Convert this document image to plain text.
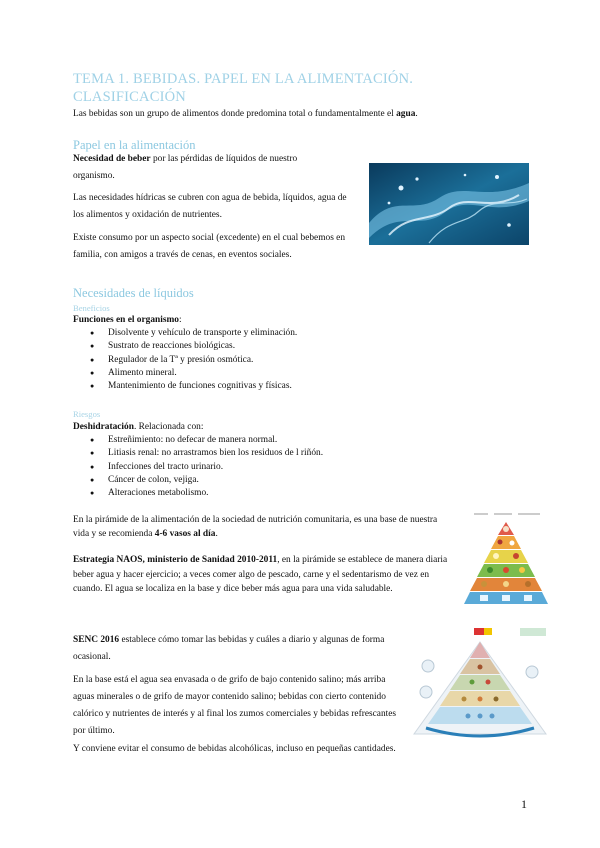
TEMA 1. BEBIDAS. PAPEL EN LA ALIMENTACIÓN. CLASIFICACIÓN
Las bebidas son un grupo de alimentos donde predomina total o fundamentalmente el agua.
Papel en la alimentación
Necesidad de beber por las pérdidas de líquidos de nuestro organismo.
Las necesidades hídricas se cubren con agua de bebida, líquidos, agua de los alimentos y oxidación de nutrientes.
Existe consumo por un aspecto social (excedente) en el cual bebemos en familia, con amigos a través de cenas, en eventos sociales.
Necesidades de líquidos
Beneficios
Funciones en el organismo:
● Disolvente y vehículo de transporte y eliminación.
● Sustrato de reacciones biológicas.
● Regulador de la Tª y presión osmótica.
● Alimento mineral.
● Mantenimiento de funciones cognitivas y físicas.
Riesgos
Deshidratación. Relacionada con:
● Estreñimiento: no defecar de manera normal.
● Litiasis renal: no arrastramos bien los residuos de l riñón.
● Infecciones del tracto urinario.
● Cáncer de colon, vejiga.
● Alteraciones metabolismo.
En la pirámide de la alimentación de la sociedad de nutrición comunitaria, es una base de nuestra vida y se recomienda 4-6 vasos al día.
Estrategia NAOS, ministerio de Sanidad 2010-2011, en la pirámide se establece de manera diaria beber agua y hacer ejercicio; a veces comer algo de pescado, carne y el sedentarismo de vez en cuando. El agua se localiza en la base y dice beber más agua para una vida saludable.
SENC 2016 establece cómo tomar las bebidas y cuáles a diario y algunas de forma ocasional.
En la base está el agua sea envasada o de grifo de bajo contenido salino; más arriba aguas minerales o de grifo de mayor contenido salino; bebidas con cierto contenido calórico y nutrientes de interés y al final los zumos comerciales y bebidas refrescantes por último.
Y conviene evitar el consumo de bebidas alcohólicas, incluso en pequeñas cantidades.
1
